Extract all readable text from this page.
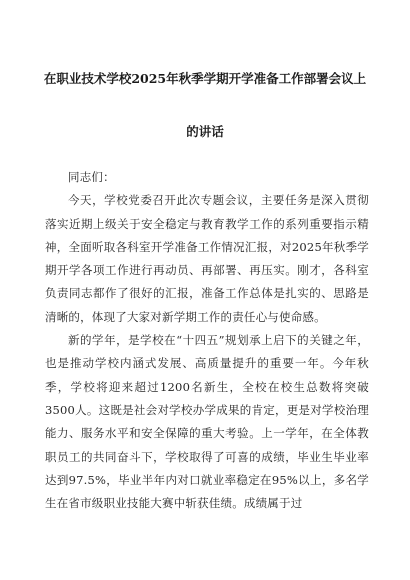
在职业技术学校2025年秋季学期开学准备工作部署会议上
的讲话

同志们：

今天，学校党委召开此次专题会议，主要任务是深入贯彻落实近期上级关于安全稳定与教育教学工作的系列重要指示精神，全面听取各科室开学准备工作情况汇报，对2025年秋季学期开学各项工作进行再动员、再部署、再压实。刚才，各科室负责同志都作了很好的汇报，准备工作总体是扎实的、思路是清晰的，体现了大家对新学期工作的责任心与使命感。

新的学年，是学校在“十四五”规划承上启下的关键之年，也是推动学校内涵式发展、高质量提升的重要一年。今年秋季，学校将迎来超过1200名新生，全校在校生总数将突破3500人。这既是社会对学校办学成果的肯定，更是对学校治理能力、服务水平和安全保障的重大考验。上一学年，在全体教职员工的共同奋斗下，学校取得了可喜的成绩，毕业生毕业率达到97.5%，毕业半年内对口就业率稳定在95%以上，多名学生在省市级职业技能大赛中斩获佳绩。成绩属于过
